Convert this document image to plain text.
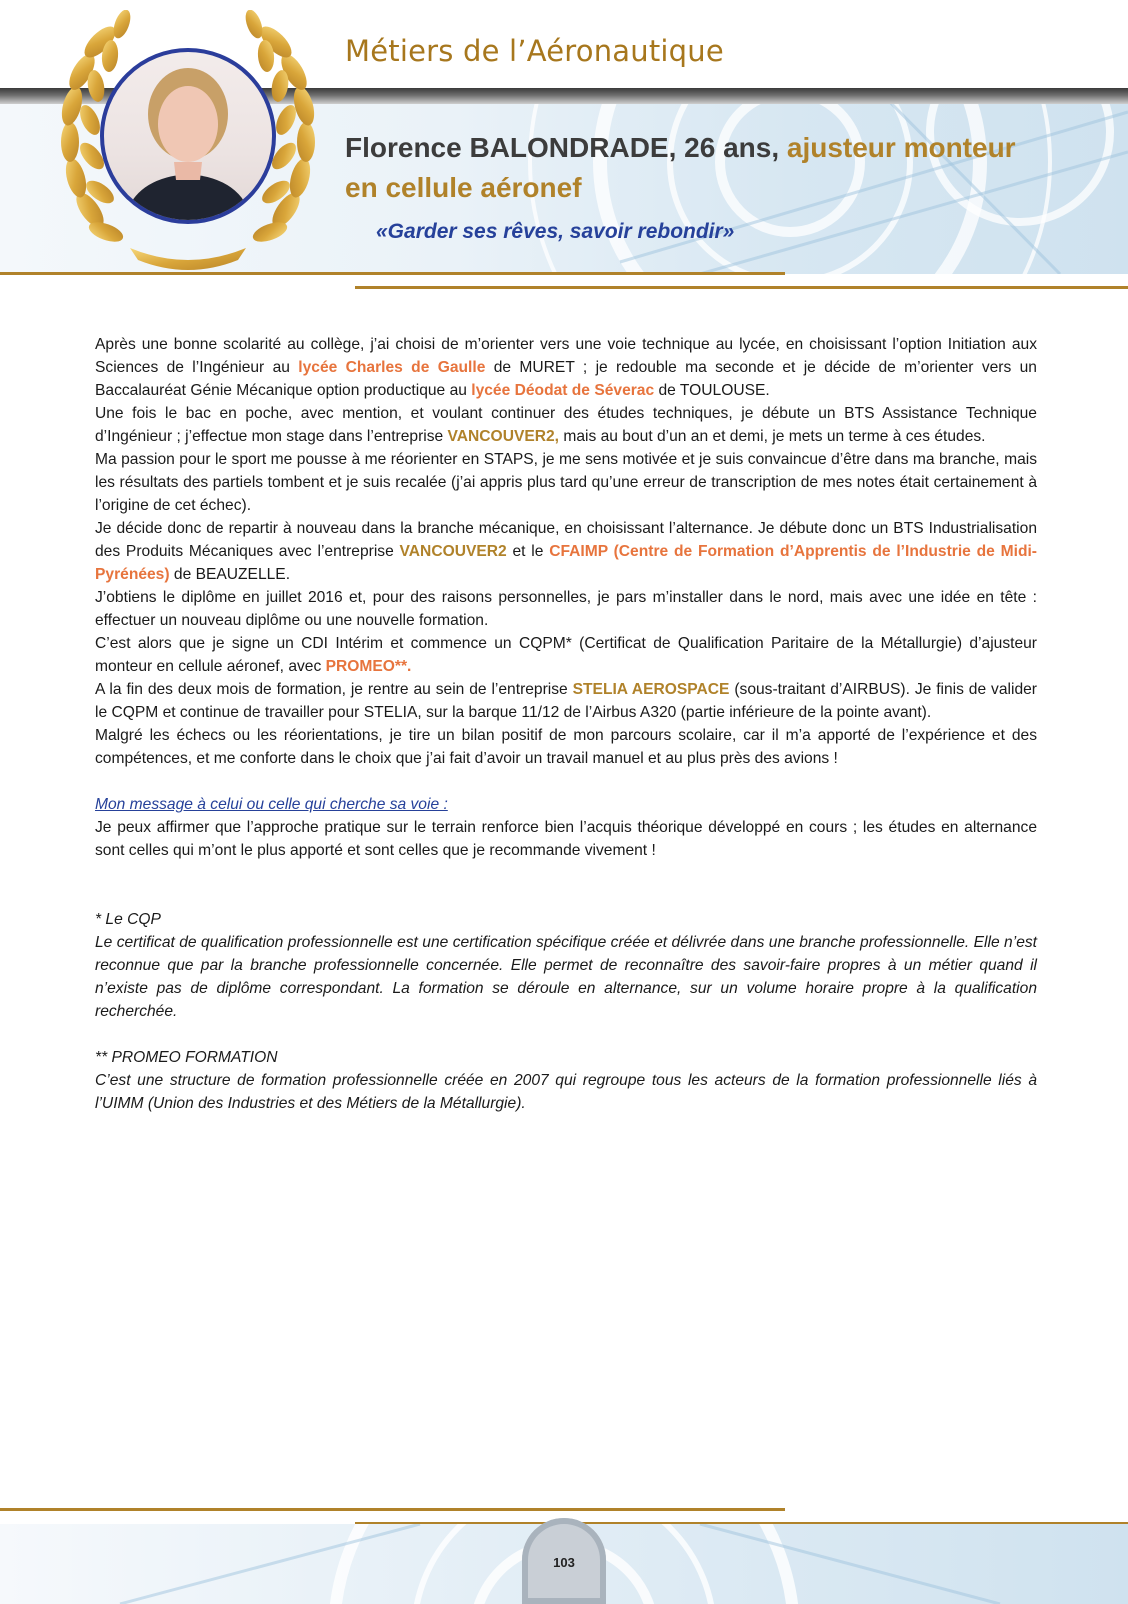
Métiers de l’Aéronautique
Florence BALONDRADE, 26 ans, ajusteur monteur en cellule aéronef
«Garder ses rêves, savoir rebondir»

Après une bonne scolarité au collège, j’ai choisi de m’orienter vers une voie technique au lycée, en choisissant l’option Initiation aux Sciences de l’Ingénieur au lycée Charles de Gaulle de MURET ; je redouble ma seconde et je décide de m’orienter vers un Baccalauréat Génie Mécanique option productique au lycée Déodat de Séverac de TOULOUSE.

Une fois le bac en poche, avec mention, et voulant continuer des études techniques, je débute un BTS Assistance Technique d’Ingénieur ; j’effectue mon stage dans l’entreprise VANCOUVER2, mais au bout d’un an et demi, je mets un terme à ces études.

Ma passion pour le sport me pousse à me réorienter en STAPS, je me sens motivée et je suis convaincue d’être dans ma branche, mais les résultats des partiels tombent et je suis recalée (j’ai appris plus tard qu’une erreur de transcription de mes notes était certainement à l’origine de cet échec).

Je décide donc de repartir à nouveau dans la branche mécanique, en choisissant l’alternance. Je débute donc un BTS Industrialisation des Produits Mécaniques avec l’entreprise VANCOUVER2 et le CFAIMP (Centre de Formation d’Apprentis de l’Industrie de Midi-Pyrénées) de BEAUZELLE.

J’obtiens le diplôme en juillet 2016 et, pour des raisons personnelles, je pars m’installer dans le nord, mais avec une idée en tête : effectuer un nouveau diplôme ou une nouvelle formation.

C’est alors que je signe un CDI Intérim et commence un CQPM* (Certificat de Qualification Paritaire de la Métallurgie) d’ajusteur monteur en cellule aéronef, avec PROMEO**.

A la fin des deux mois de formation, je rentre au sein de l’entreprise STELIA AEROSPACE (sous-traitant d’AIRBUS). Je finis de valider le CQPM et continue de travailler pour STELIA, sur la barque 11/12 de l’Airbus A320 (partie inférieure de la pointe avant).

Malgré les échecs ou les réorientations, je tire un bilan positif de mon parcours scolaire, car il m’a apporté de l’expérience et des compétences, et me conforte dans le choix que j’ai fait d’avoir un travail manuel et au plus près des avions !

Mon message à celui ou celle qui cherche sa voie :

Je peux affirmer que l’approche pratique sur le terrain renforce bien l’acquis théorique développé en cours ; les études en alternance sont celles qui m’ont le plus apporté et sont celles que je recommande vivement !

* Le CQP

Le certificat de qualification professionnelle est une certification spécifique créée et délivrée dans une branche professionnelle. Elle n’est reconnue que par la branche professionnelle concernée. Elle permet de reconnaître des savoir-faire propres à un métier quand il n’existe pas de diplôme correspondant. La formation se déroule en alternance, sur un volume horaire propre à la qualification recherchée.

** PROMEO FORMATION

C’est une structure de formation professionnelle créée en 2007 qui regroupe tous les acteurs de la formation professionnelle liés à l’UIMM (Union des Industries et des Métiers de la Métallurgie).

103
